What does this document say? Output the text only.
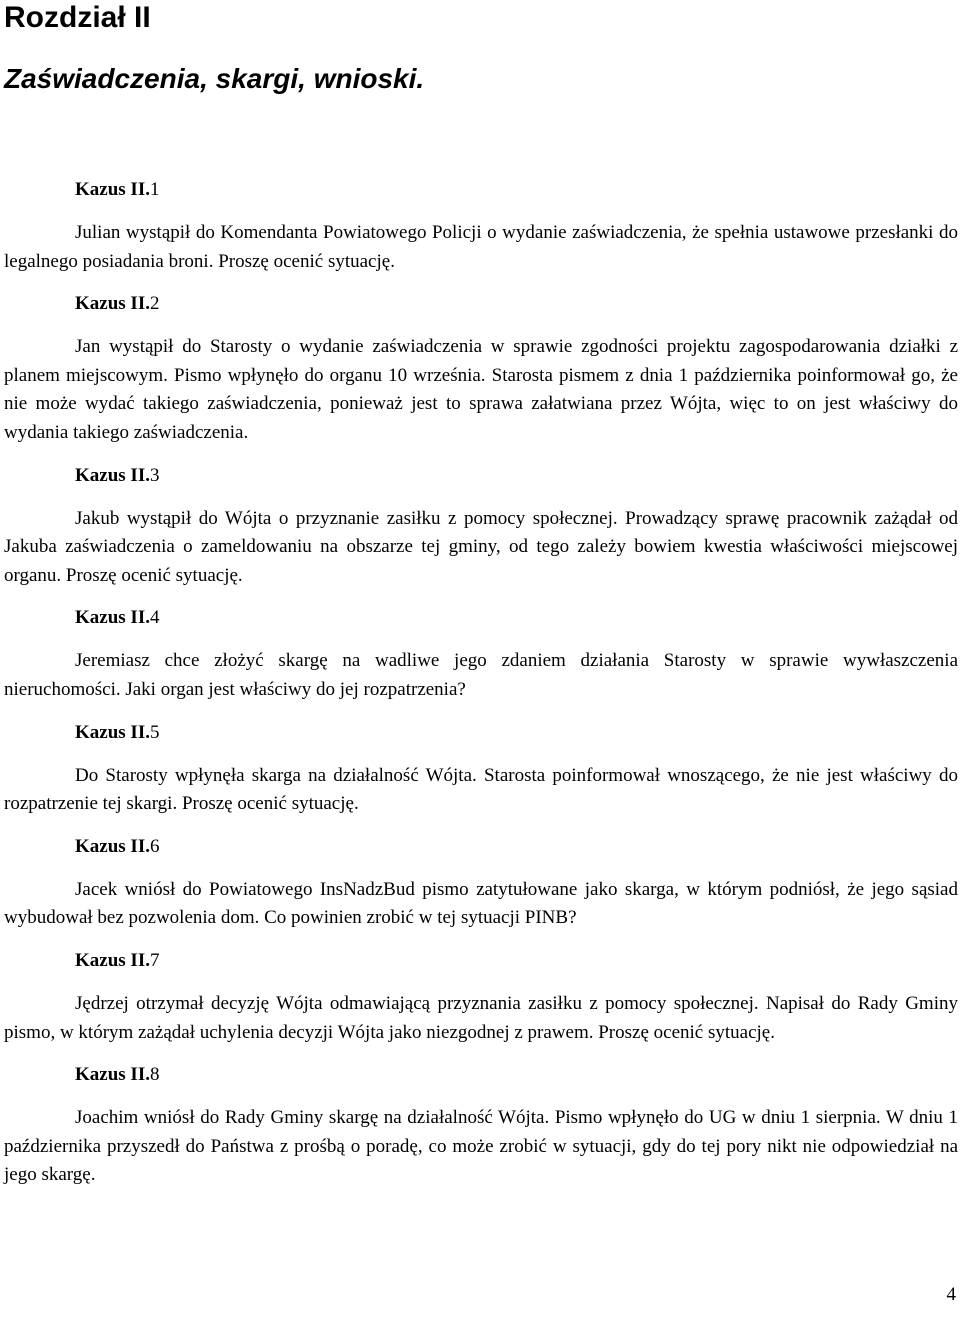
Rozdział II
Zaświadczenia, skargi, wnioski.

Kazus II.1

Julian wystąpił do Komendanta Powiatowego Policji o wydanie zaświadczenia, że spełnia ustawowe przesłanki do legalnego posiadania broni. Proszę ocenić sytuację.

Kazus II.2

Jan wystąpił do Starosty o wydanie zaświadczenia w sprawie zgodności projektu zagospodarowania działki z planem miejscowym. Pismo wpłynęło do organu 10 września. Starosta pismem z dnia 1 października poinformował go, że nie może wydać takiego zaświadczenia, ponieważ jest to sprawa załatwiana przez Wójta, więc to on jest właściwy do wydania takiego zaświadczenia.

Kazus II.3

Jakub wystąpił do Wójta o przyznanie zasiłku z pomocy społecznej. Prowadzący sprawę pracownik zażądał od Jakuba zaświadczenia o zameldowaniu na obszarze tej gminy, od tego zależy bowiem kwestia właściwości miejscowej organu. Proszę ocenić sytuację.

Kazus II.4

Jeremiasz chce złożyć skargę na wadliwe jego zdaniem działania Starosty w sprawie wywłaszczenia nieruchomości. Jaki organ jest właściwy do jej rozpatrzenia?

Kazus II.5

Do Starosty wpłynęła skarga na działalność Wójta. Starosta poinformował wnoszącego, że nie jest właściwy do rozpatrzenie tej skargi. Proszę ocenić sytuację.

Kazus II.6

Jacek wniósł do Powiatowego InsNadzBud pismo zatytułowane jako skarga, w którym podniósł, że jego sąsiad wybudował bez pozwolenia dom. Co powinien zrobić w tej sytuacji PINB?

Kazus II.7

Jędrzej otrzymał decyzję Wójta odmawiającą przyznania zasiłku z pomocy społecznej. Napisał do Rady Gminy pismo, w którym zażądał uchylenia decyzji Wójta jako niezgodnej z prawem. Proszę ocenić sytuację.

Kazus II.8

Joachim wniósł do Rady Gminy skargę na działalność Wójta. Pismo wpłynęło do UG w dniu 1 sierpnia. W dniu 1 października przyszedł do Państwa z prośbą o poradę, co może zrobić w sytuacji, gdy do tej pory nikt nie odpowiedział na jego skargę.

4
